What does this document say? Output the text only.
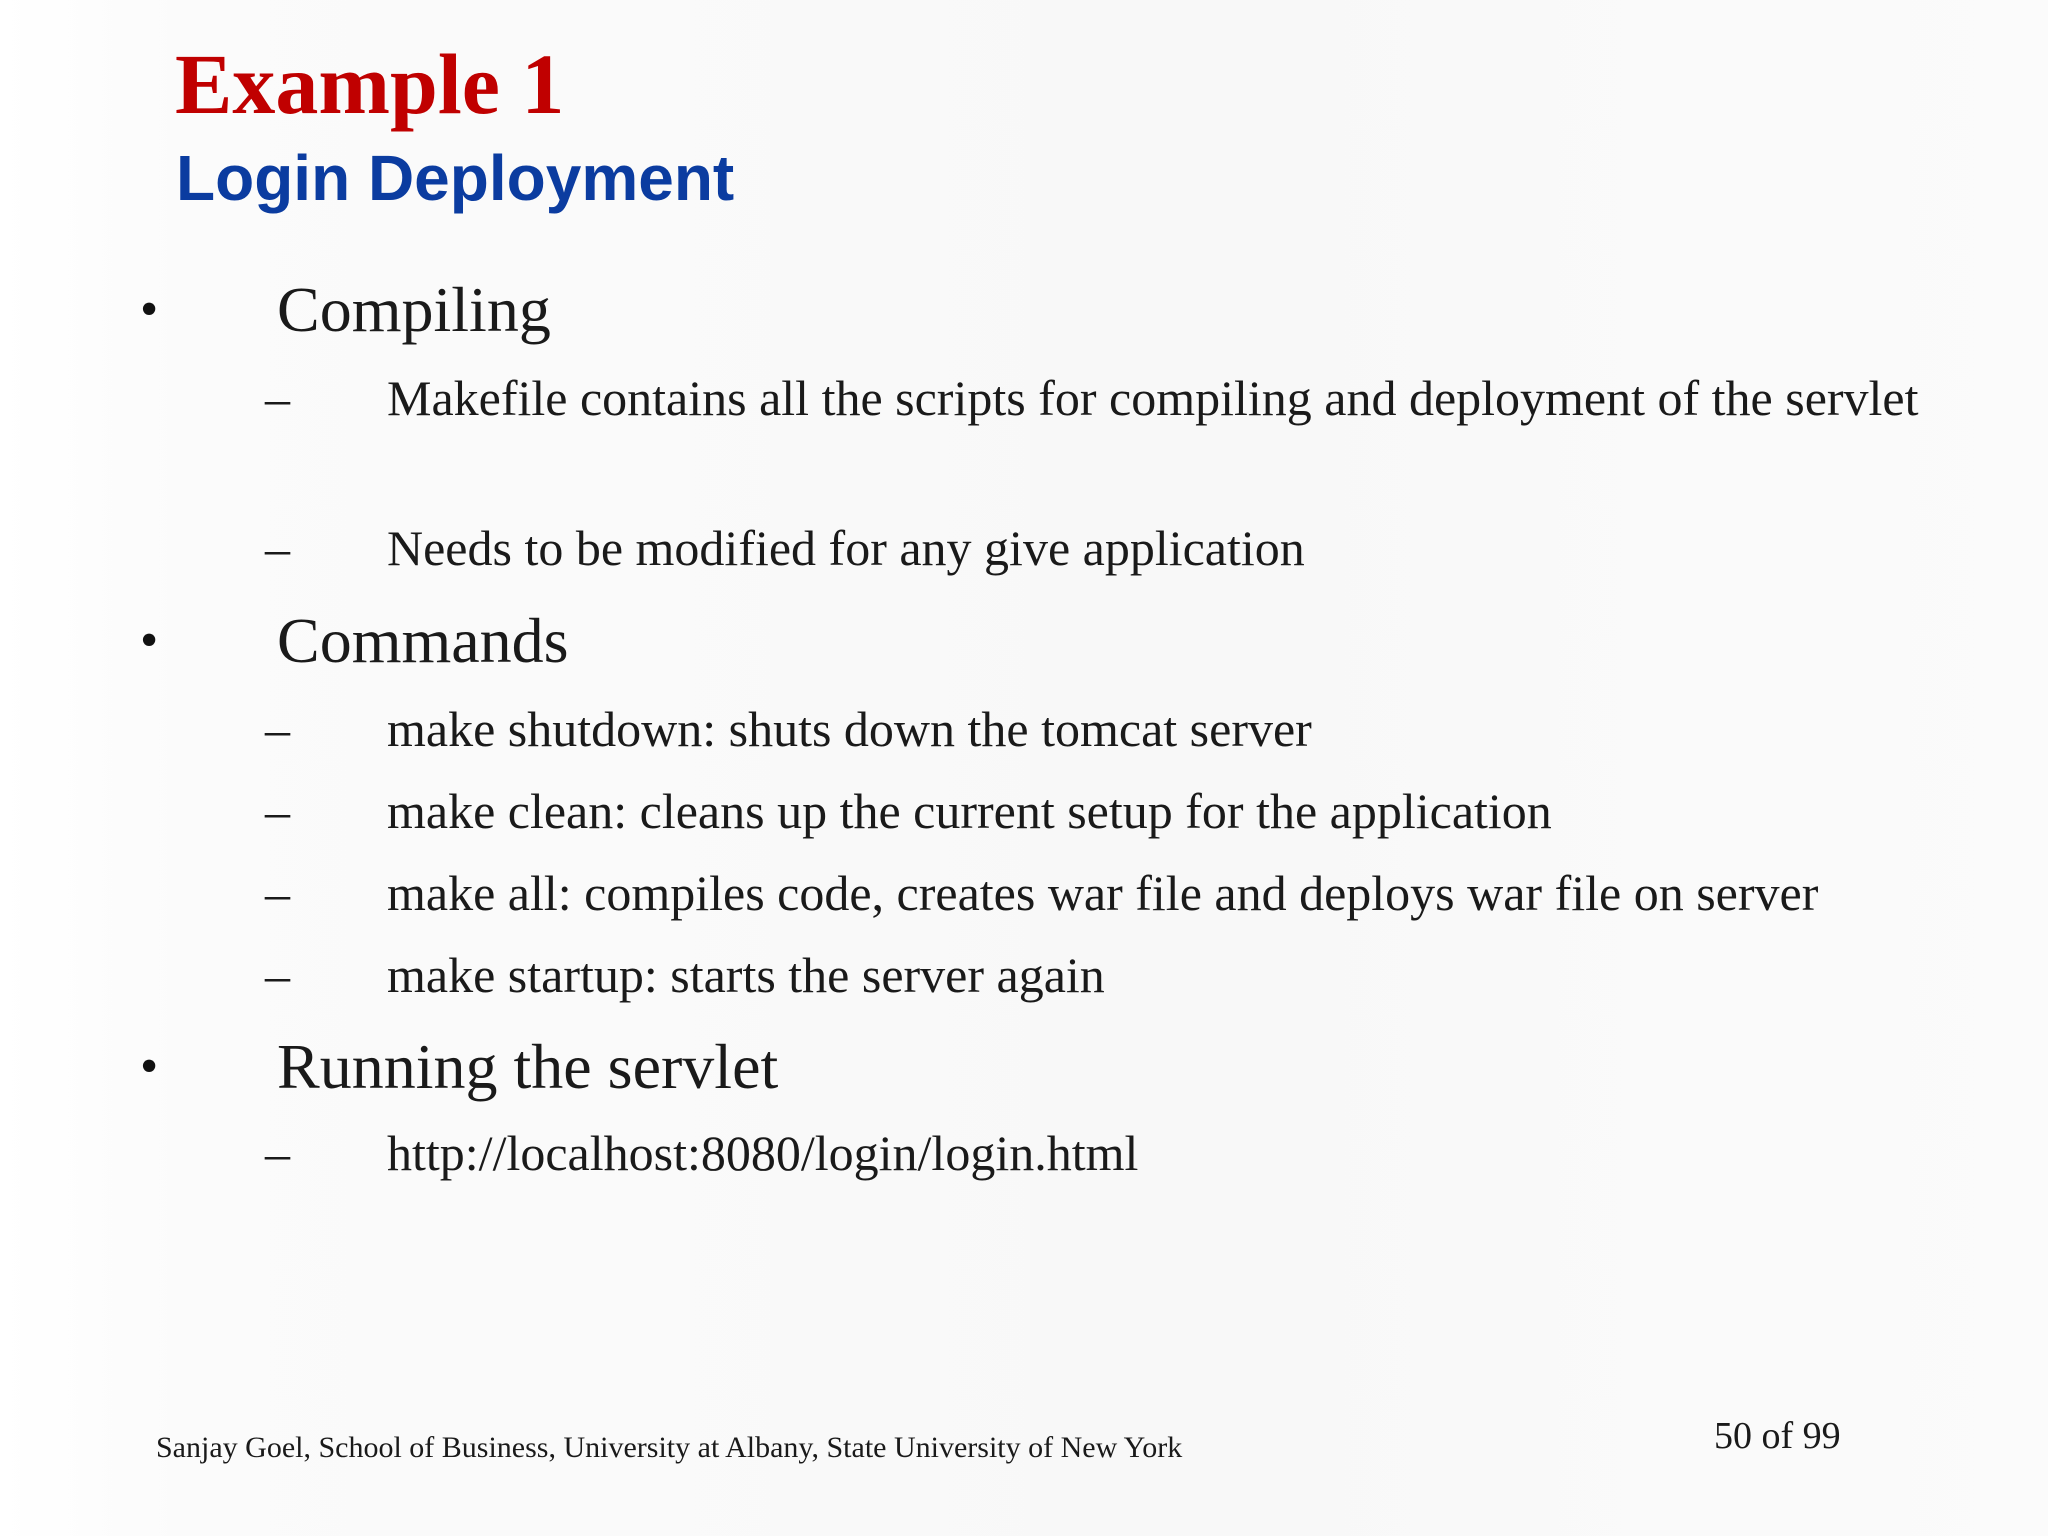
Example 1
Login Deployment
• Compiling
– Makefile contains all the scripts for compiling and deployment of the servlet
– Needs to be modified for any give application
• Commands
– make shutdown: shuts down the tomcat server
– make clean: cleans up the current setup for the application
– make all: compiles code, creates war file and deploys war file on server
– make startup: starts the server again
• Running the servlet
– http://localhost:8080/login/login.html
Sanjay Goel, School of Business, University at Albany, State University of New York	50 of 99
